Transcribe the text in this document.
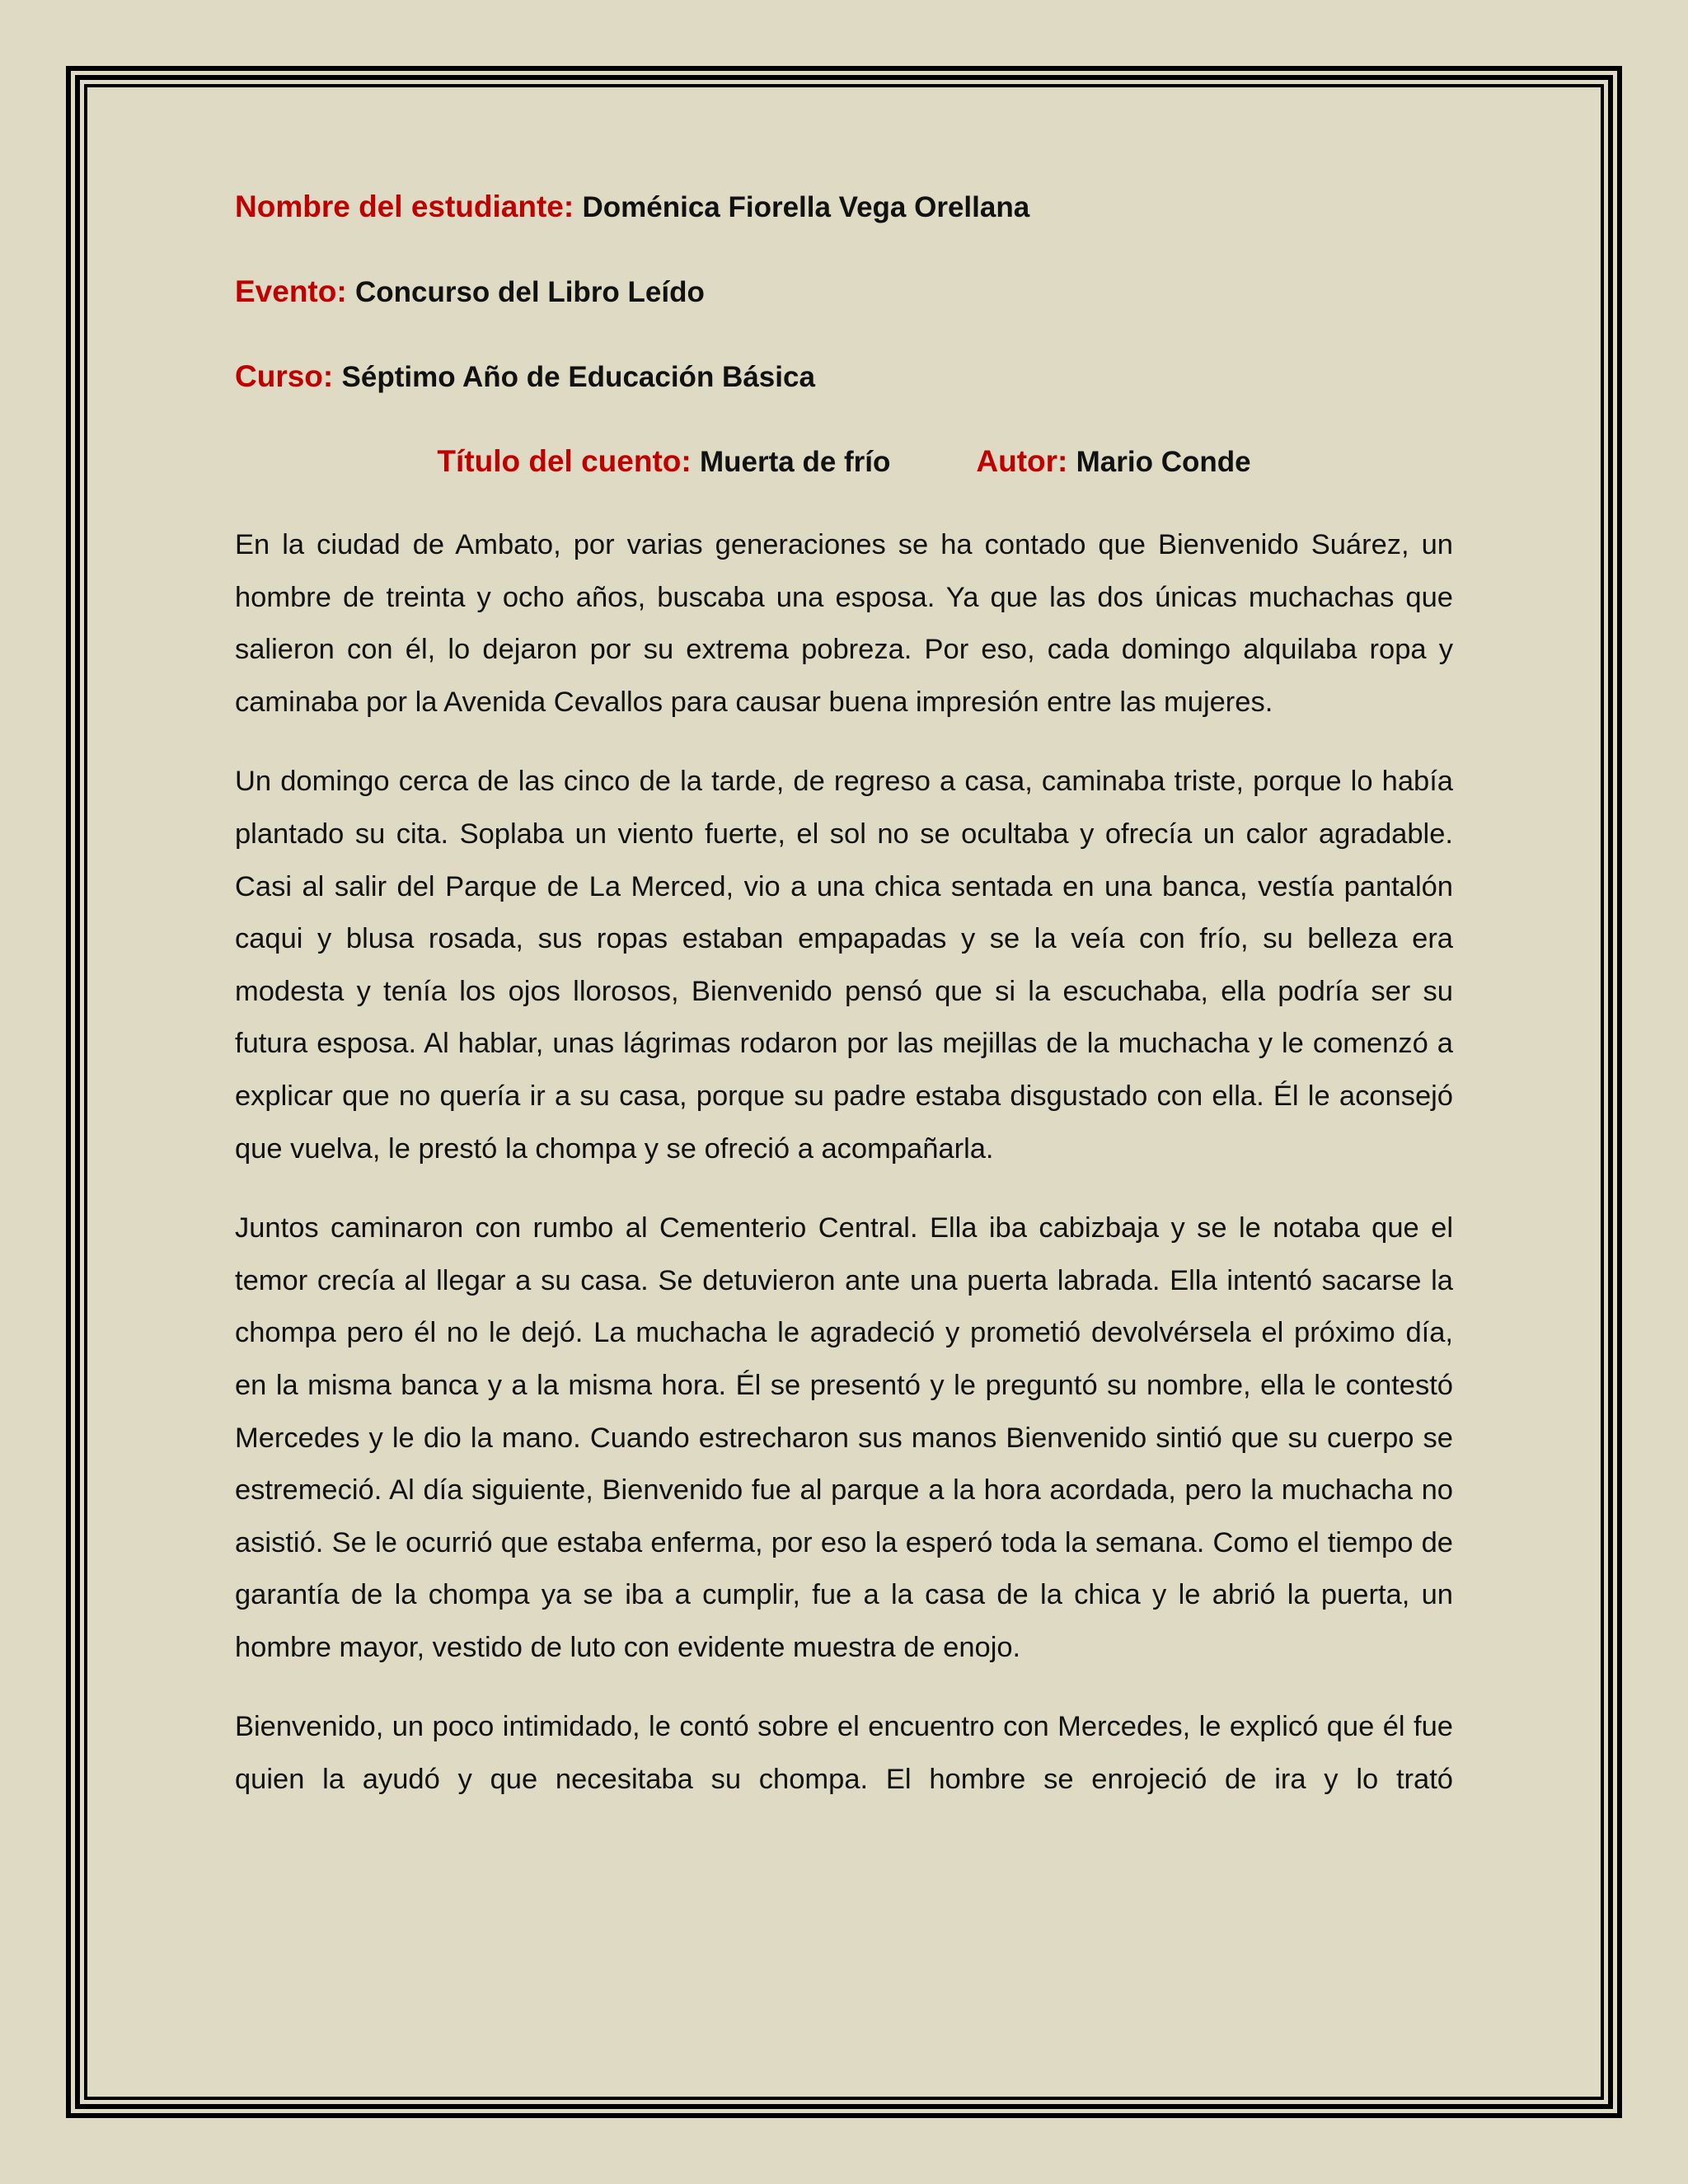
Nombre del estudiante: Doménica Fiorella Vega Orellana
Evento: Concurso del Libro Leído
Curso: Séptimo Año de Educación Básica
Título del cuento: Muerta de frío	Autor: Mario Conde

En la ciudad de Ambato, por varias generaciones se ha contado que Bienvenido Suárez, un hombre de treinta y ocho años, buscaba una esposa. Ya que las dos únicas muchachas que salieron con él, lo dejaron por su extrema pobreza. Por eso, cada domingo alquilaba ropa y caminaba por la Avenida Cevallos para causar buena impresión entre las mujeres.

Un domingo cerca de las cinco de la tarde, de regreso a casa, caminaba triste, porque lo había plantado su cita. Soplaba un viento fuerte, el sol no se ocultaba y ofrecía un calor agradable. Casi al salir del Parque de La Merced, vio a una chica sentada en una banca, vestía pantalón caqui y blusa rosada, sus ropas estaban empapadas y se la veía con frío, su belleza era modesta y tenía los ojos llorosos, Bienvenido pensó que si la escuchaba, ella podría ser su futura esposa. Al hablar, unas lágrimas rodaron por las mejillas de la muchacha y le comenzó a explicar que no quería ir a su casa, porque su padre estaba disgustado con ella. Él le aconsejó que vuelva, le prestó la chompa y se ofreció a acompañarla.

Juntos caminaron con rumbo al Cementerio Central. Ella iba cabizbaja y se le notaba que el temor crecía al llegar a su casa. Se detuvieron ante una puerta labrada. Ella intentó sacarse la chompa pero él no le dejó. La muchacha le agradeció y prometió devolvérsela el próximo día, en la misma banca y a la misma hora. Él se presentó y le preguntó su nombre, ella le contestó Mercedes y le dio la mano. Cuando estrecharon sus manos Bienvenido sintió que su cuerpo se estremeció. Al día siguiente, Bienvenido fue al parque a la hora acordada, pero la muchacha no asistió. Se le ocurrió que estaba enferma, por eso la esperó toda la semana. Como el tiempo de garantía de la chompa ya se iba a cumplir, fue a la casa de la chica y le abrió la puerta, un hombre mayor, vestido de luto con evidente muestra de enojo.

Bienvenido, un poco intimidado, le contó sobre el encuentro con Mercedes, le explicó que él fue quien la ayudó y que necesitaba su chompa. El hombre se enrojeció de ira y lo trató
